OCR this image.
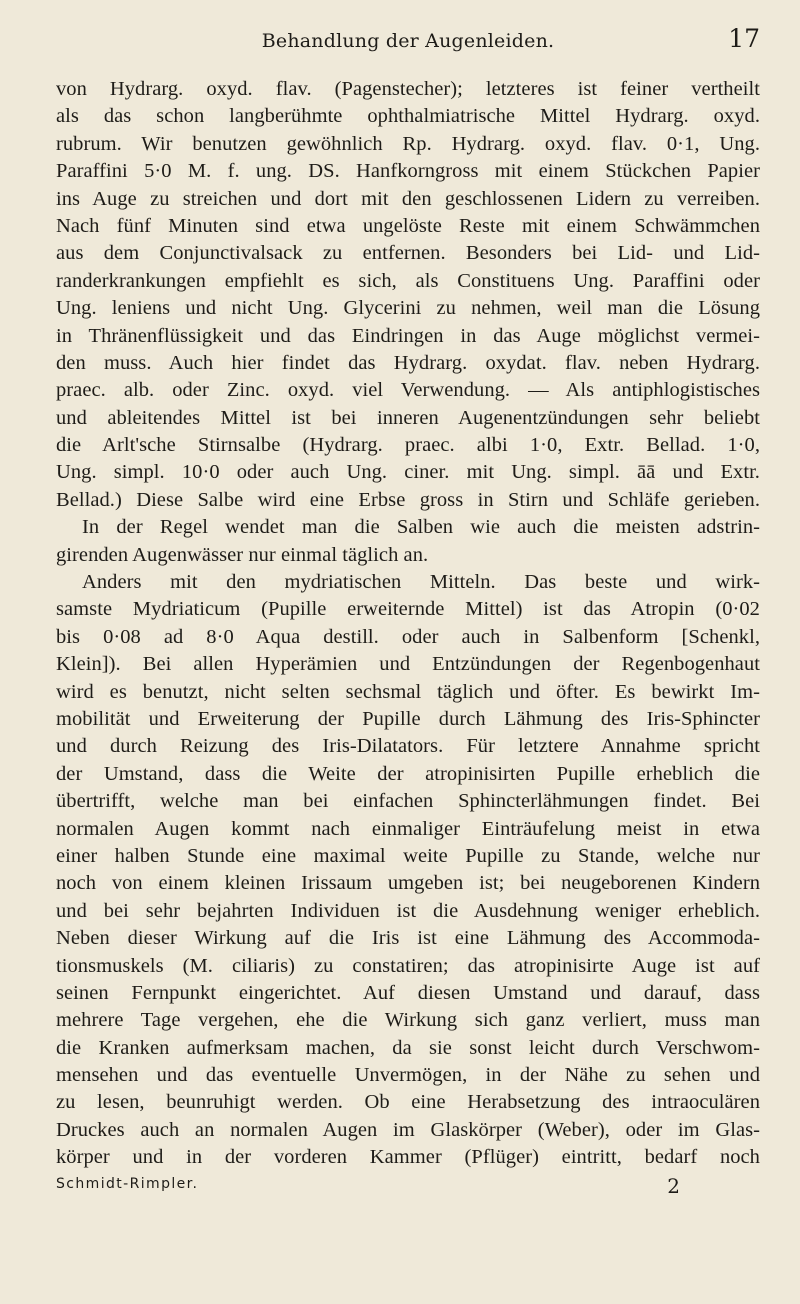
Behandlung der Augenleiden.	17
von Hydrarg. oxyd. flav. (Pagenstecher); letzteres ist feiner vertheilt
als das schon langberühmte ophthalmiatrische Mittel Hydrarg. oxyd.
rubrum. Wir benutzen gewöhnlich Rp. Hydrarg. oxyd. flav. 0·1, Ung.
Paraffini 5·0 M. f. ung. DS. Hanfkorngross mit einem Stückchen Papier
ins Auge zu streichen und dort mit den geschlossenen Lidern zu verreiben.
Nach fünf Minuten sind etwa ungelöste Reste mit einem Schwämmchen
aus dem Conjunctivalsack zu entfernen. Besonders bei Lid- und Lid-
randerkrankungen empfiehlt es sich, als Constituens Ung. Paraffini oder
Ung. leniens und nicht Ung. Glycerini zu nehmen, weil man die Lösung
in Thränenflüssigkeit und das Eindringen in das Auge möglichst vermei-
den muss. Auch hier findet das Hydrarg. oxydat. flav. neben Hydrarg.
praec. alb. oder Zinc. oxyd. viel Verwendung. — Als antiphlogistisches
und ableitendes Mittel ist bei inneren Augenentzündungen sehr beliebt
die Arlt'sche Stirnsalbe (Hydrarg. praec. albi 1·0, Extr. Bellad. 1·0,
Ung. simpl. 10·0 oder auch Ung. ciner. mit Ung. simpl. āā und Extr.
Bellad.) Diese Salbe wird eine Erbse gross in Stirn und Schläfe gerieben.
In der Regel wendet man die Salben wie auch die meisten adstrin-
girenden Augenwässer nur einmal täglich an.
Anders mit den mydriatischen Mitteln. Das beste und wirk-
samste Mydriaticum (Pupille erweiternde Mittel) ist das Atropin (0·02
bis 0·08 ad 8·0 Aqua destill. oder auch in Salbenform [Schenkl,
Klein]). Bei allen Hyperämien und Entzündungen der Regenbogenhaut
wird es benutzt, nicht selten sechsmal täglich und öfter. Es bewirkt Im-
mobilität und Erweiterung der Pupille durch Lähmung des Iris-Sphincter
und durch Reizung des Iris-Dilatators. Für letztere Annahme spricht
der Umstand, dass die Weite der atropinisirten Pupille erheblich die
übertrifft, welche man bei einfachen Sphincterlähmungen findet. Bei
normalen Augen kommt nach einmaliger Einträufelung meist in etwa
einer halben Stunde eine maximal weite Pupille zu Stande, welche nur
noch von einem kleinen Irissaum umgeben ist; bei neugeborenen Kindern
und bei sehr bejahrten Individuen ist die Ausdehnung weniger erheblich.
Neben dieser Wirkung auf die Iris ist eine Lähmung des Accommoda-
tionsmuskels (M. ciliaris) zu constatiren; das atropinisirte Auge ist auf
seinen Fernpunkt eingerichtet. Auf diesen Umstand und darauf, dass
mehrere Tage vergehen, ehe die Wirkung sich ganz verliert, muss man
die Kranken aufmerksam machen, da sie sonst leicht durch Verschwom-
mensehen und das eventuelle Unvermögen, in der Nähe zu sehen und
zu lesen, beunruhigt werden. Ob eine Herabsetzung des intraoculären
Druckes auch an normalen Augen im Glaskörper (Weber), oder im Glas-
körper und in der vorderen Kammer (Pflüger) eintritt, bedarf noch
Schmidt-Rimpler.	2
